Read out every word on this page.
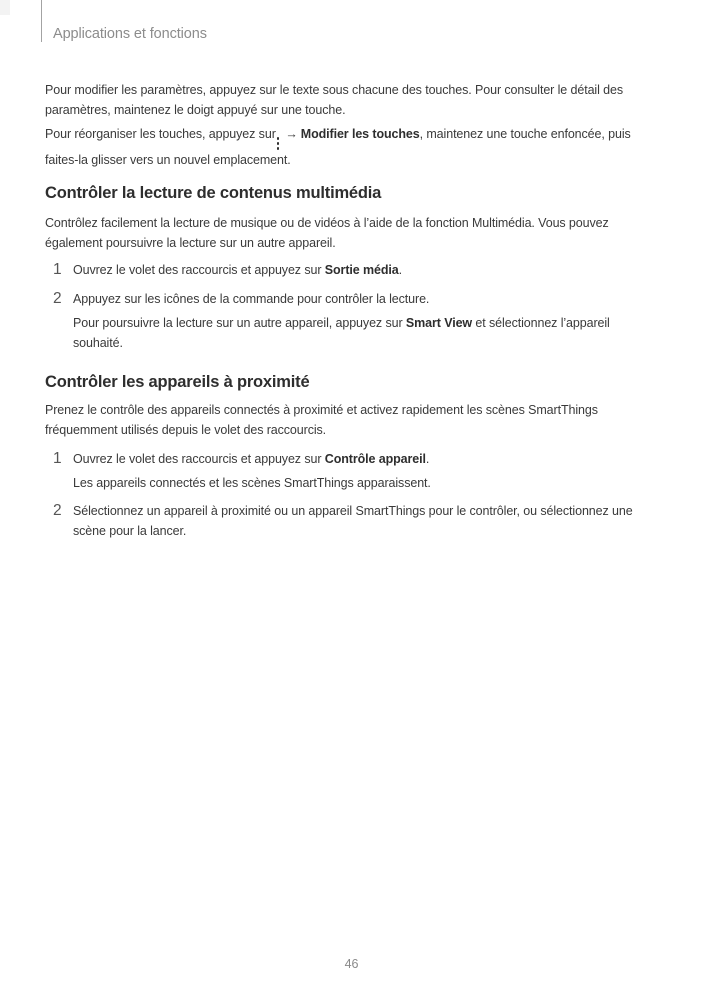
Applications et fonctions

Pour modifier les paramètres, appuyez sur le texte sous chacune des touches. Pour consulter le détail des paramètres, maintenez le doigt appuyé sur une touche.

Pour réorganiser les touches, appuyez sur → Modifier les touches, maintenez une touche enfoncée, puis faites-la glisser vers un nouvel emplacement.

Contrôler la lecture de contenus multimédia

Contrôlez facilement la lecture de musique ou de vidéos à l’aide de la fonction Multimédia. Vous pouvez également poursuivre la lecture sur un autre appareil.

1 Ouvrez le volet des raccourcis et appuyez sur Sortie média.

2 Appuyez sur les icônes de la commande pour contrôler la lecture.

Pour poursuivre la lecture sur un autre appareil, appuyez sur Smart View et sélectionnez l’appareil souhaité.

Contrôler les appareils à proximité

Prenez le contrôle des appareils connectés à proximité et activez rapidement les scènes SmartThings fréquemment utilisés depuis le volet des raccourcis.

1 Ouvrez le volet des raccourcis et appuyez sur Contrôle appareil.

Les appareils connectés et les scènes SmartThings apparaissent.

2 Sélectionnez un appareil à proximité ou un appareil SmartThings pour le contrôler, ou sélectionnez une scène pour la lancer.

46
